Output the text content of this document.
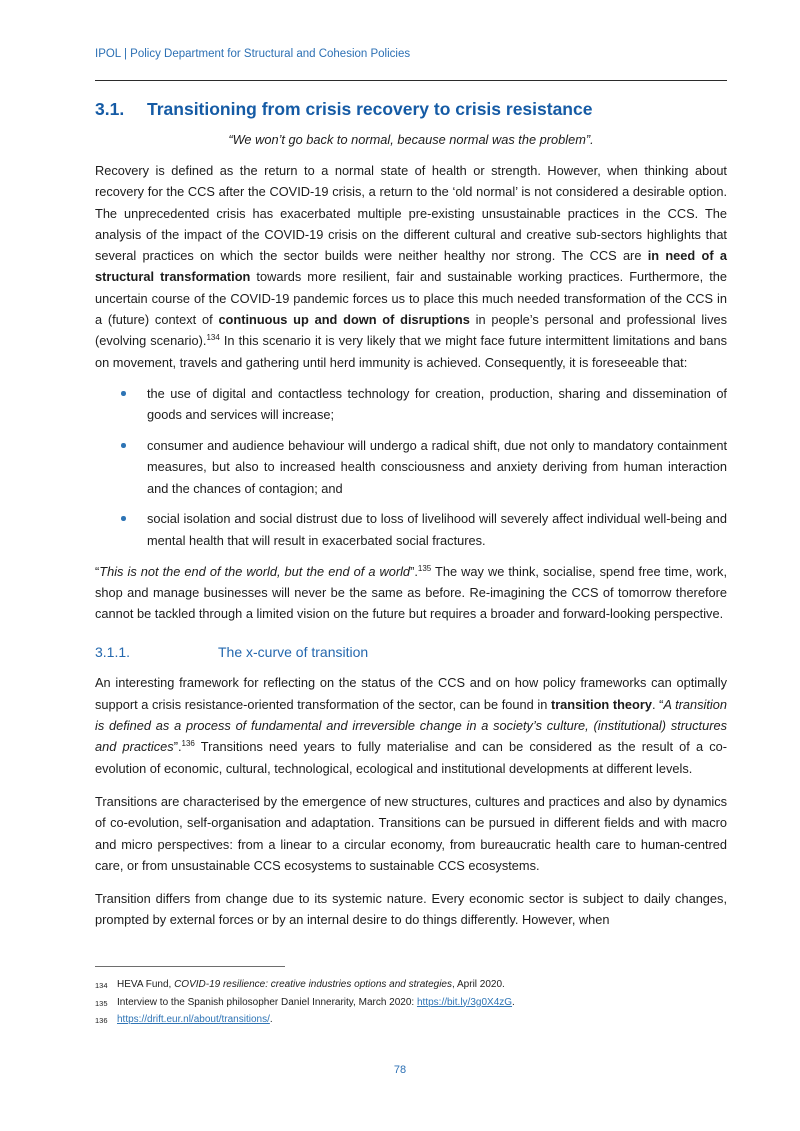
IPOL | Policy Department for Structural and Cohesion Policies
3.1.	Transitioning from crisis recovery to crisis resistance
“We won’t go back to normal, because normal was the problem”.

Recovery is defined as the return to a normal state of health or strength. However, when thinking about recovery for the CCS after the COVID-19 crisis, a return to the ‘old normal’ is not considered a desirable option. The unprecedented crisis has exacerbated multiple pre-existing unsustainable practices in the CCS. The analysis of the impact of the COVID-19 crisis on the different cultural and creative sub-sectors highlights that several practices on which the sector builds were neither healthy nor strong. The CCS are in need of a structural transformation towards more resilient, fair and sustainable working practices. Furthermore, the uncertain course of the COVID-19 pandemic forces us to place this much needed transformation of the CCS in a (future) context of continuous up and down of disruptions in people’s personal and professional lives (evolving scenario).$^{134}$ In this scenario it is very likely that we might face future intermittent limitations and bans on movement, travels and gathering until herd immunity is achieved. Consequently, it is foreseeable that:

the use of digital and contactless technology for creation, production, sharing and dissemination of goods and services will increase;
consumer and audience behaviour will undergo a radical shift, due not only to mandatory containment measures, but also to increased health consciousness and anxiety deriving from human interaction and the chances of contagion; and
social isolation and social distrust due to loss of livelihood will severely affect individual well-being and mental health that will result in exacerbated social fractures.

“This is not the end of the world, but the end of a world”.$^{135}$ The way we think, socialise, spend free time, work, shop and manage businesses will never be the same as before. Re-imagining the CCS of tomorrow therefore cannot be tackled through a limited vision on the future but requires a broader and forward-looking perspective.

3.1.1.	The x-curve of transition

An interesting framework for reflecting on the status of the CCS and on how policy frameworks can optimally support a crisis resistance-oriented transformation of the sector, can be found in transition theory. “A transition is defined as a process of fundamental and irreversible change in a society’s culture, (institutional) structures and practices”.$^{136}$ Transitions need years to fully materialise and can be considered as the result of a co-evolution of economic, cultural, technological, ecological and institutional developments at different levels.

Transitions are characterised by the emergence of new structures, cultures and practices and also by dynamics of co-evolution, self-organisation and adaptation. Transitions can be pursued in different fields and with macro and micro perspectives: from a linear to a circular economy, from bureaucratic health care to human-centred care, or from unsustainable CCS ecosystems to sustainable CCS ecosystems.

Transition differs from change due to its systemic nature. Every economic sector is subject to daily changes, prompted by external forces or by an internal desire to do things differently. However, when

134 HEVA Fund, COVID-19 resilience: creative industries options and strategies, April 2020.
135 Interview to the Spanish philosopher Daniel Innerarity, March 2020: https://bit.ly/3g0X4zG.
136 https://drift.eur.nl/about/transitions/.
78
